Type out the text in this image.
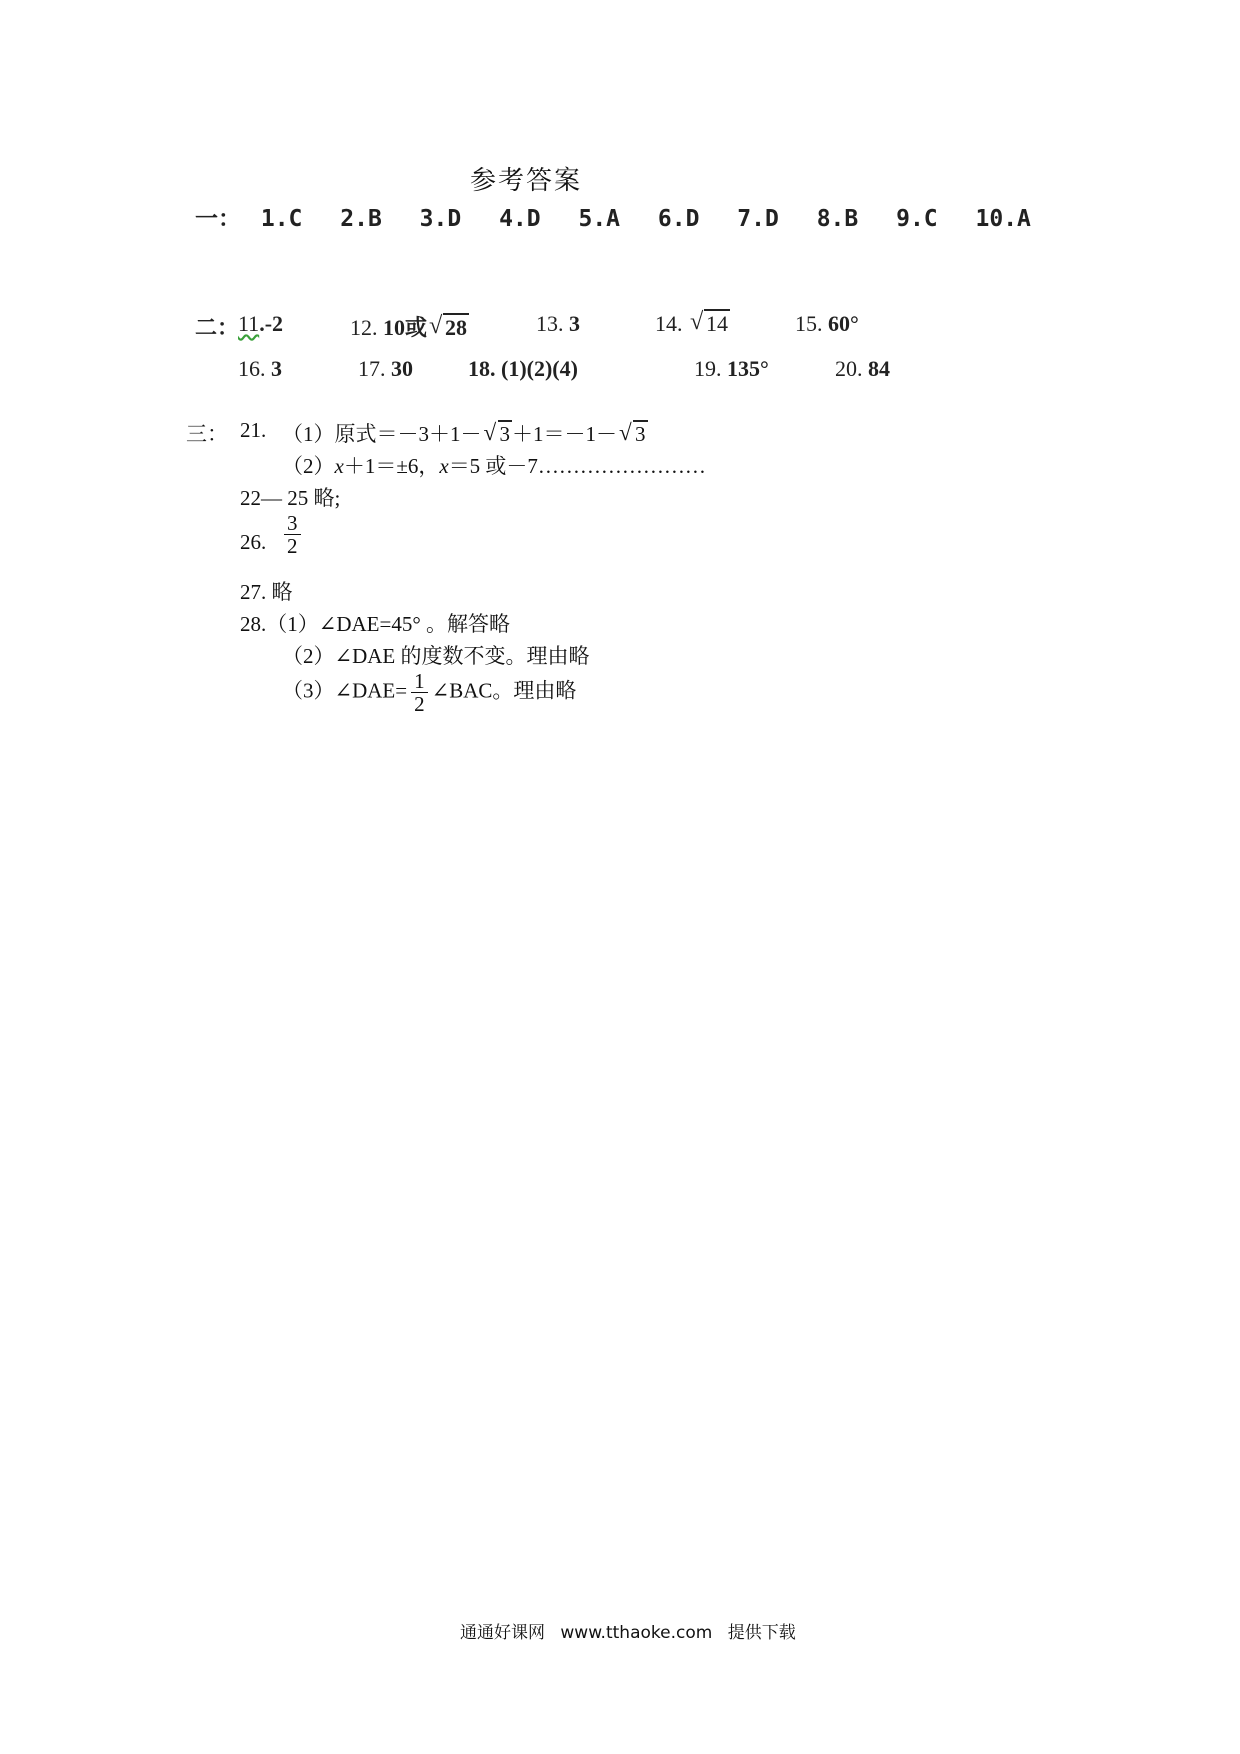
参考答案
一： 1.C 2.B 3.D 4.D 5.A 6.D 7.D 8.B 9.C 10.A
二：
11.-2	12. 10或 √ 28	13. 3	14. √ 14	15. 60°
16. 3	17. 30	18. (1)(2)(4)	19. 135°	20. 84
三： 21. （1）原式＝－3＋1－ √ 3＋1＝－1－ √ 3
（2）x＋1＝±6，x＝5 或－7……………………
22— 25 略;
26. $\frac{3}{2}$
27. 略
28.（1）∠DAE=45° 。解答略
（2）∠DAE 的度数不变。理由略
（3）∠DAE= $\frac{1}{2}$ ∠BAC。理由略
通通好课网 www.tthaoke.com 提供下载
